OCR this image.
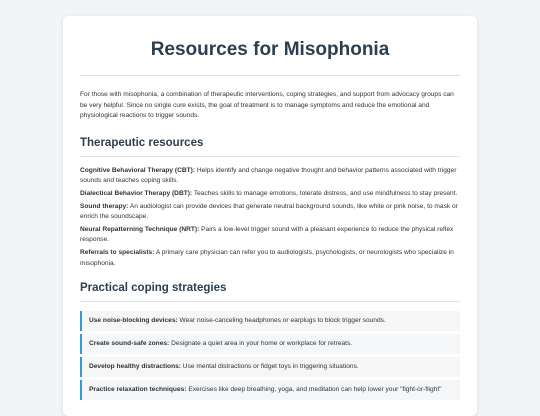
Resources for Misophonia

For those with misophonia, a combination of therapeutic interventions, coping strategies, and support from advocacy groups can be very helpful. Since no single cure exists, the goal of treatment is to manage symptoms and reduce the emotional and physiological reactions to trigger sounds.

Therapeutic resources
Cognitive Behavioral Therapy (CBT): Helps identify and change negative thought and behavior patterns associated with trigger sounds and teaches coping skills.
Dialectical Behavior Therapy (DBT): Teaches skills to manage emotions, tolerate distress, and use mindfulness to stay present.
Sound therapy: An audiologist can provide devices that generate neutral background sounds, like white or pink noise, to mask or enrich the soundscape.
Neural Repatterning Technique (NRT): Pairs a low-level trigger sound with a pleasant experience to reduce the physical reflex response.
Referrals to specialists: A primary care physician can refer you to audiologists, psychologists, or neurologists who specialize in misophonia.
Practical coping strategies
Use noise-blocking devices: Wear noise-canceling headphones or earplugs to block trigger sounds.
Create sound-safe zones: Designate a quiet area in your home or workplace for retreats.
Develop healthy distractions: Use mental distractions or fidget toys in triggering situations.
Practice relaxation techniques: Exercises like deep breathing, yoga, and meditation can help lower your "fight-or-flight"
